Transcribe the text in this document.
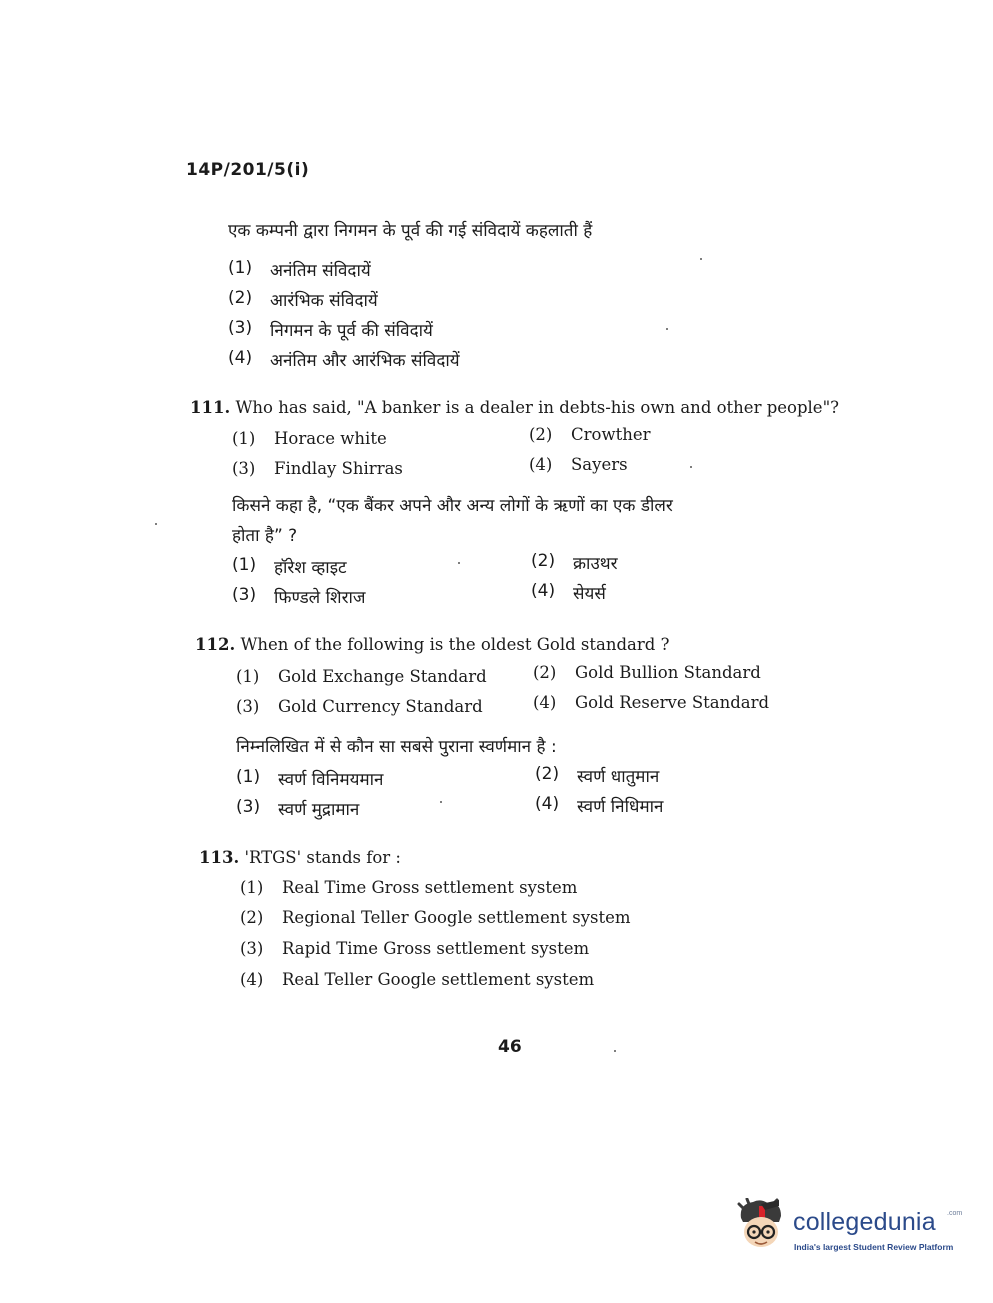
14P/201/5(i)
एक कम्पनी द्वारा निगमन के पूर्व की गई संविदायें कहलाती हैं
(1)	अनंतिम संविदायें
(2)	आरंभिक संविदायें
(3)	निगमन के पूर्व की संविदायें
(4)	अनंतिम और आरंभिक संविदायें
111. Who has said, "A banker is a dealer in debts-his own and other people"?
(1)	Horace white	(2)	Crowther
(3)	Findlay Shirras	(4)	Sayers
किसने कहा है, “एक बैंकर अपने और अन्य लोगों के ऋणों का एक डीलर
होता है” ?
(1)	हॉरेश व्हाइट	(2)	क्राउथर
(3)	फिण्डले शिराज	(4)	सेयर्स
112. When of the following is the oldest Gold standard ?
(1)	Gold Exchange Standard	(2)	Gold Bullion Standard
(3)	Gold Currency Standard	(4)	Gold Reserve Standard
निम्नलिखित में से कौन सा सबसे पुराना स्वर्णमान है :
(1)	स्वर्ण विनिमयमान	(2)	स्वर्ण धातुमान
(3)	स्वर्ण मुद्रामान	(4)	स्वर्ण निधिमान
113. 'RTGS' stands for :
(1)	Real Time Gross settlement system
(2)	Regional Teller Google settlement system
(3)	Rapid Time Gross settlement system
(4)	Real Teller Google settlement system
46
collegedunia .com
India's largest Student Review Platform
